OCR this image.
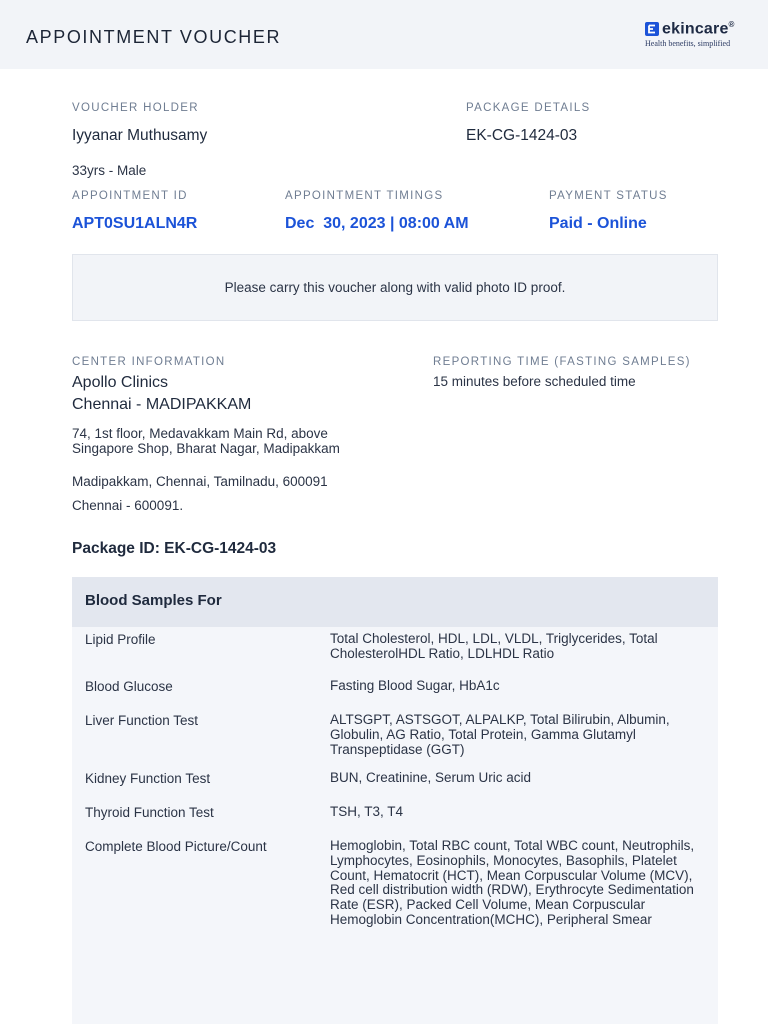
APPOINTMENT VOUCHER	ekincare®
Health benefits, simplified
VOUCHER HOLDER
Iyyanar Muthusamy
33yrs - Male
PACKAGE DETAILS
EK-CG-1424-03
APPOINTMENT ID
APT0SU1ALN4R
APPOINTMENT TIMINGS
Dec  30, 2023 | 08:00 AM
PAYMENT STATUS
Paid - Online
Please carry this voucher along with valid photo ID proof.
CENTER INFORMATION
Apollo Clinics
Chennai - MADIPAKKAM
74, 1st floor, Medavakkam Main Rd, above
Singapore Shop, Bharat Nagar, Madipakkam
Madipakkam, Chennai, Tamilnadu, 600091
Chennai - 600091.
REPORTING TIME (FASTING SAMPLES)
15 minutes before scheduled time
Package ID: EK-CG-1424-03
Blood Samples For
Lipid Profile	Total Cholesterol, HDL, LDL, VLDL, Triglycerides, Total CholesterolHDL Ratio, LDLHDL Ratio
Blood Glucose	Fasting Blood Sugar, HbA1c
Liver Function Test	ALTSGPT, ASTSGOT, ALPALKP, Total Bilirubin, Albumin, Globulin, AG Ratio, Total Protein, Gamma Glutamyl Transpeptidase (GGT)
Kidney Function Test	BUN, Creatinine, Serum Uric acid
Thyroid Function Test	TSH, T3, T4
Complete Blood Picture/Count	Hemoglobin, Total RBC count, Total WBC count, Neutrophils, Lymphocytes, Eosinophils, Monocytes, Basophils, Platelet Count, Hematocrit (HCT), Mean Corpuscular Volume (MCV), Red cell distribution width (RDW), Erythrocyte Sedimentation Rate (ESR), Packed Cell Volume, Mean Corpuscular Hemoglobin Concentration(MCHC), Peripheral Smear
